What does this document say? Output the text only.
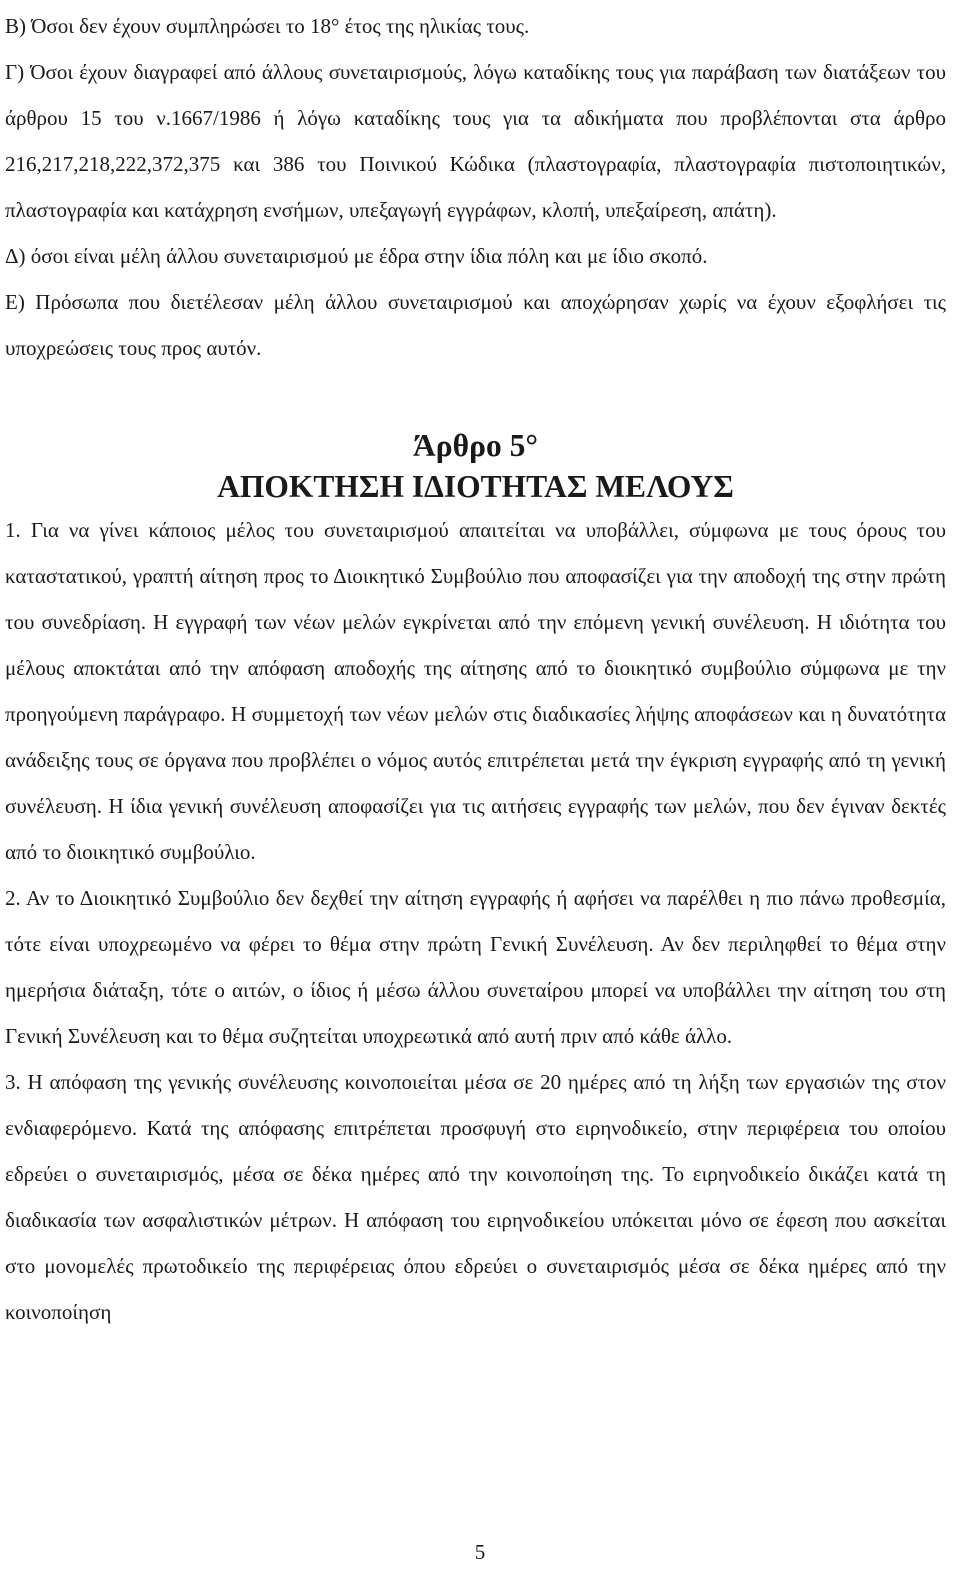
Β) Όσοι δεν έχουν συμπληρώσει το 18° έτος της ηλικίας τους.

Γ) Όσοι έχουν διαγραφεί από άλλους συνεταιρισμούς, λόγω καταδίκης τους για παράβαση των διατάξεων του άρθρου 15 του ν.1667/1986 ή λόγω καταδίκης τους για τα αδικήματα που προβλέπονται στα άρθρο 216,217,218,222,372,375 και 386 του Ποινικού Κώδικα (πλαστογραφία, πλαστογραφία πιστοποιητικών, πλαστογραφία και κατάχρηση ενσήμων, υπεξαγωγή εγγράφων, κλοπή, υπεξαίρεση, απάτη).

Δ) όσοι είναι μέλη άλλου συνεταιρισμού με έδρα στην ίδια πόλη και με ίδιο σκοπό.

Ε) Πρόσωπα που διετέλεσαν μέλη άλλου συνεταιρισμού και αποχώρησαν χωρίς να έχουν εξοφλήσει τις υποχρεώσεις τους προς αυτόν.

Άρθρο 5°
ΑΠΟΚΤΗΣΗ ΙΔΙΟΤΗΤΑΣ ΜΕΛΟΥΣ

1. Για να γίνει κάποιος μέλος του συνεταιρισμού απαιτείται να υποβάλλει, σύμφωνα με τους όρους του καταστατικού, γραπτή αίτηση προς το Διοικητικό Συμβούλιο που αποφασίζει για την αποδοχή της στην πρώτη του συνεδρίαση. Η εγγραφή των νέων μελών εγκρίνεται από την επόμενη γενική συνέλευση. Η ιδιότητα του μέλους αποκτάται από την απόφαση αποδοχής της αίτησης από το διοικητικό συμβούλιο σύμφωνα με την προηγούμενη παράγραφο. Η συμμετοχή των νέων μελών στις διαδικασίες λήψης αποφάσεων και η δυνατότητα ανάδειξης τους σε όργανα που προβλέπει ο νόμος αυτός επιτρέπεται μετά την έγκριση εγγραφής από τη γενική συνέλευση. Η ίδια γενική συνέλευση αποφασίζει για τις αιτήσεις εγγραφής των μελών, που δεν έγιναν δεκτές από το διοικητικό συμβούλιο.

2. Αν το Διοικητικό Συμβούλιο δεν δεχθεί την αίτηση εγγραφής ή αφήσει να παρέλθει η πιο πάνω προθεσμία, τότε είναι υποχρεωμένο να φέρει το θέμα στην πρώτη Γενική Συνέλευση. Αν δεν περιληφθεί το θέμα στην ημερήσια διάταξη, τότε ο αιτών, ο ίδιος ή μέσω άλλου συνεταίρου μπορεί να υποβάλλει την αίτηση του στη Γενική Συνέλευση και το θέμα συζητείται υποχρεωτικά από αυτή πριν από κάθε άλλο.

3. Η απόφαση της γενικής συνέλευσης κοινοποιείται μέσα σε 20 ημέρες από τη λήξη των εργασιών της στον ενδιαφερόμενο. Κατά της απόφασης επιτρέπεται προσφυγή στο ειρηνοδικείο, στην περιφέρεια του οποίου εδρεύει ο συνεταιρισμός, μέσα σε δέκα ημέρες από την κοινοποίηση της. Το ειρηνοδικείο δικάζει κατά τη διαδικασία των ασφαλιστικών μέτρων. Η απόφαση του ειρηνοδικείου υπόκειται μόνο σε έφεση που ασκείται στο μονομελές πρωτοδικείο της περιφέρειας όπου εδρεύει ο συνεταιρισμός μέσα σε δέκα ημέρες από την κοινοποίηση

5
